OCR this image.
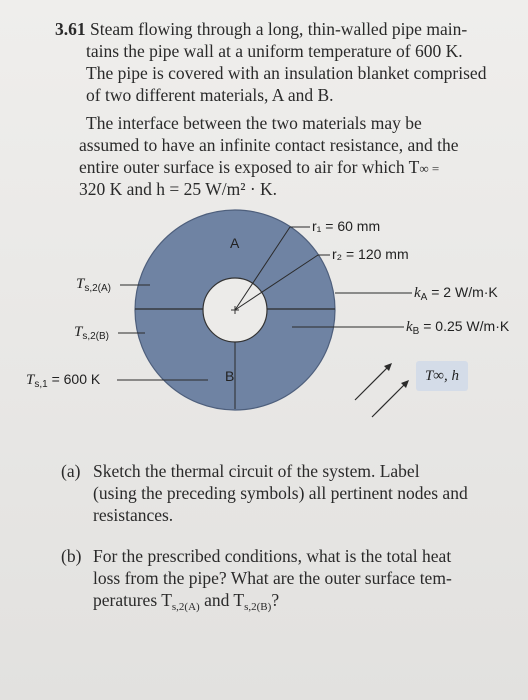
3.61 Steam flowing through a long, thin-walled pipe main-
tains the pipe wall at a uniform temperature of 600 K.
The pipe is covered with an insulation blanket comprised
of two different materials, A and B.
The interface between the two materials may be
assumed to have an infinite contact resistance, and the
entire outer surface is exposed to air for which T∞ =
320 K and h = 25 W/m² · K.
A
B
r₁ = 60 mm
r₂ = 120 mm
$k_A = 2$ W/m·K
$k_B = 0.25$ W/m·K
$T_{s,2(A)}$
$T_{s,2(B)}$
$T_{s,1} = 600$ K	T∞, h
(a) Sketch the thermal circuit of the system. Label
(using the preceding symbols) all pertinent nodes and
resistances.
(b) For the prescribed conditions, what is the total heat
loss from the pipe? What are the outer surface tem-
peratures $T_{s,2(A)}$ and $T_{s,2(B)}$?
